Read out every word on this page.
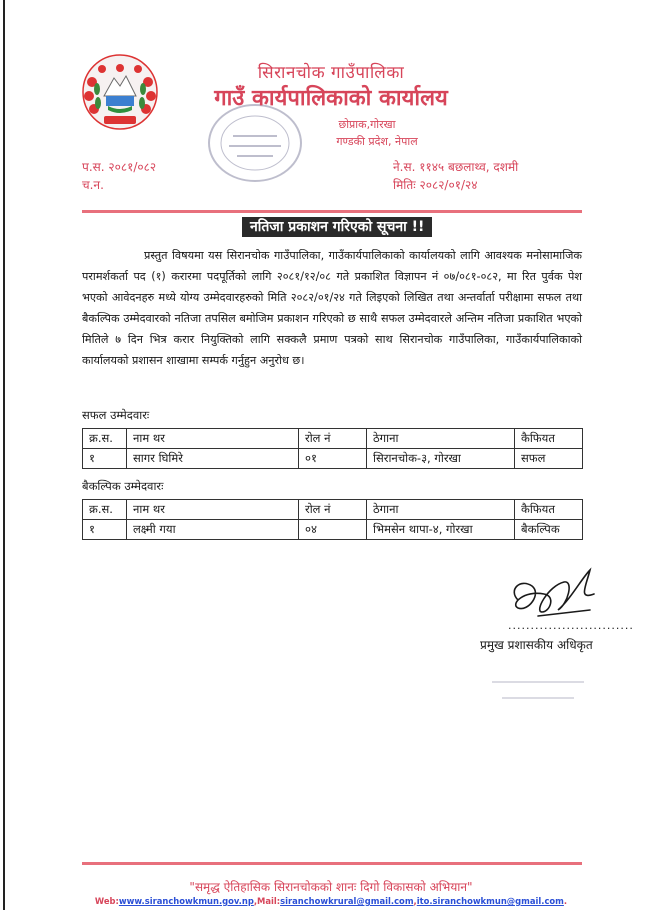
सिरानचोक गाउँपालिका
गाउँ कार्यपालिकाको कार्यालय
छोप्राक,गोरखा
गण्डकी प्रदेश, नेपाल
प.स. २०८१/०८२
च.न.
ने.स. ११४५ बछलाथ्व, दशमी
मितिः २०८२/०१/२४
नतिजा प्रकाशन गरिएको सूचना !!
प्रस्तुत विषयमा यस सिरानचोक गाउँपालिका, गाउँकार्यपालिकाको कार्यालयको लागि आवश्यक मनोसामाजिक परामर्शकर्ता पद (१) करारमा पदपूर्तिको लागि २०८१/१२/०८ गते प्रकाशित विज्ञापन नं ०७/०८१-०८२, मा रित पुर्वक पेश भएको आवेदनहरु मध्ये योग्य उम्मेदवारहरुको मिति २०८२/०१/२४ गते लिइएको लिखित तथा अन्तर्वार्ता परीक्षामा सफल तथा बैकल्पिक उम्मेदवारको नतिजा तपसिल बमोजिम प्रकाशन गरिएको छ साथै सफल उम्मेदवारले अन्तिम नतिजा प्रकाशित भएको मितिले ७ दिन भित्र करार नियुक्तिको लागि सक्कलै प्रमाण पत्रको साथ सिरानचोक गाउँपालिका, गाउँकार्यपालिकाको कार्यालयको प्रशासन शाखामा सम्पर्क गर्नुहुन अनुरोध छ।
सफल उम्मेदवारः
क्र.स.	नाम थर	रोल नं	ठेगाना	कैफियत
१	सागर घिमिरे	०१	सिरानचोक-३, गोरखा	सफल
बैकल्पिक उम्मेदवारः
क्र.स.	नाम थर	रोल नं	ठेगाना	कैफियत
१	लक्ष्मी गया	०४	भिमसेन थापा-४, गोरखा	बैकल्पिक
............................
प्रमुख प्रशासकीय अधिकृत
"समृद्ध ऐतिहासिक सिरानचोकको शानः दिगो विकासको अभियान"
Web:www.siranchowkmun.gov.np,Mail:siranchowkrural@gmail.com,ito.siranchowkmun@gmail.com.
